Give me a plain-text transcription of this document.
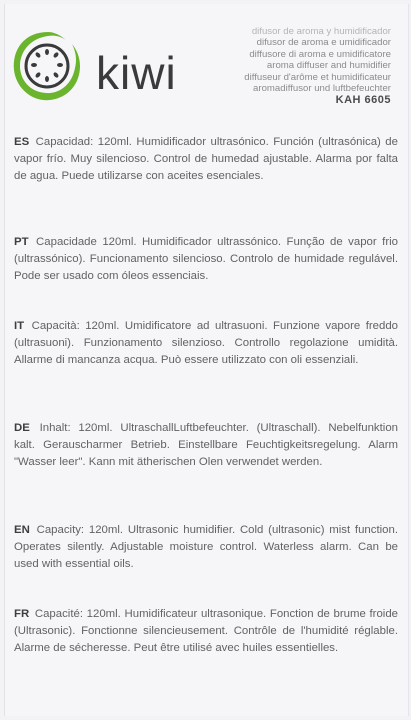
kiwi
difusor de aroma y humidificador
difusor de aroma e umidificador
diffusore di aroma e umidificatore
aroma diffuser and humidifier
diffuseur d'arôme et humidificateur
aromadiffusor und luftbefeuchter
KAH 6605

ES Capacidad: 120ml. Humidificador ultrasónico. Función (ultrasónica) de vapor frío. Muy silencioso. Control de humedad ajustable. Alarma por falta de agua. Puede utilizarse con aceites esenciales.

PT Capacidade 120ml. Humidificador ultrassónico. Função de vapor frio (ultrassónico). Funcionamento silencioso. Controlo de humidade regulável. Pode ser usado com óleos essenciais.

IT Capacità: 120ml. Umidificatore ad ultrasuoni. Funzione vapore freddo (ultrasuoni). Funzionamento silenzioso. Controllo regolazione umidità. Allarme di mancanza acqua. Può essere utilizzato con oli essenziali.

DE Inhalt: 120ml. UltraschallLuftbefeuchter. (Ultraschall). Nebelfunktion kalt. Gerauscharmer Betrieb. Einstellbare Feuchtigkeitsregelung. Alarm "Wasser leer". Kann mit ätherischen Olen verwendet werden.

EN Capacity: 120ml. Ultrasonic humidifier. Cold (ultrasonic) mist function. Operates silently. Adjustable moisture control. Waterless alarm. Can be used with essential oils.

FR Capacité: 120ml. Humidificateur ultrasonique. Fonction de brume froide (Ultrasonic). Fonctionne silencieusement. Contrôle de l'humidité réglable. Alarme de sécheresse. Peut être utilisé avec huiles essentielles.
